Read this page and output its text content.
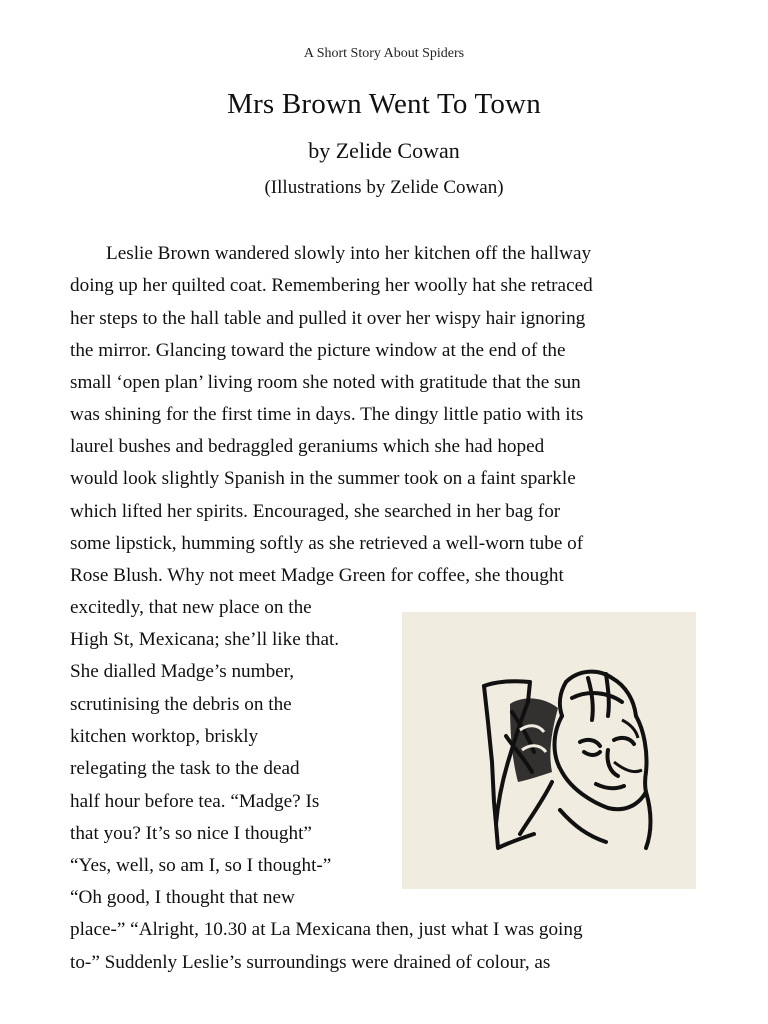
A Short Story About Spiders
Mrs Brown Went To Town
by Zelide Cowan
(Illustrations by Zelide Cowan)
Leslie Brown wandered slowly into her kitchen off the hallway
doing up her quilted coat. Remembering her woolly hat she retraced
her steps to the hall table and pulled it over her wispy hair ignoring
the mirror. Glancing toward the picture window at the end of the
small ‘open plan’ living room she noted with gratitude that the sun
was shining for the first time in days. The dingy little patio with its
laurel bushes and bedraggled geraniums which she had hoped
would look slightly Spanish in the summer took on a faint sparkle
which lifted her spirits. Encouraged, she searched in her bag for
some lipstick, humming softly as she retrieved a well-worn tube of
Rose Blush. Why not meet Madge Green for coffee, she thought
excitedly, that new place on the
High St, Mexicana; she’ll like that.
She dialled Madge’s number,
scrutinising the debris on the
kitchen worktop, briskly
relegating the task to the dead
half hour before tea. “Madge? Is
that you? It’s so nice I thought”
“Yes, well, so am I, so I thought-”
“Oh good, I thought that new
place-” “Alright, 10.30 at La Mexicana then, just what I was going
to-” Suddenly Leslie’s surroundings were drained of colour, as
